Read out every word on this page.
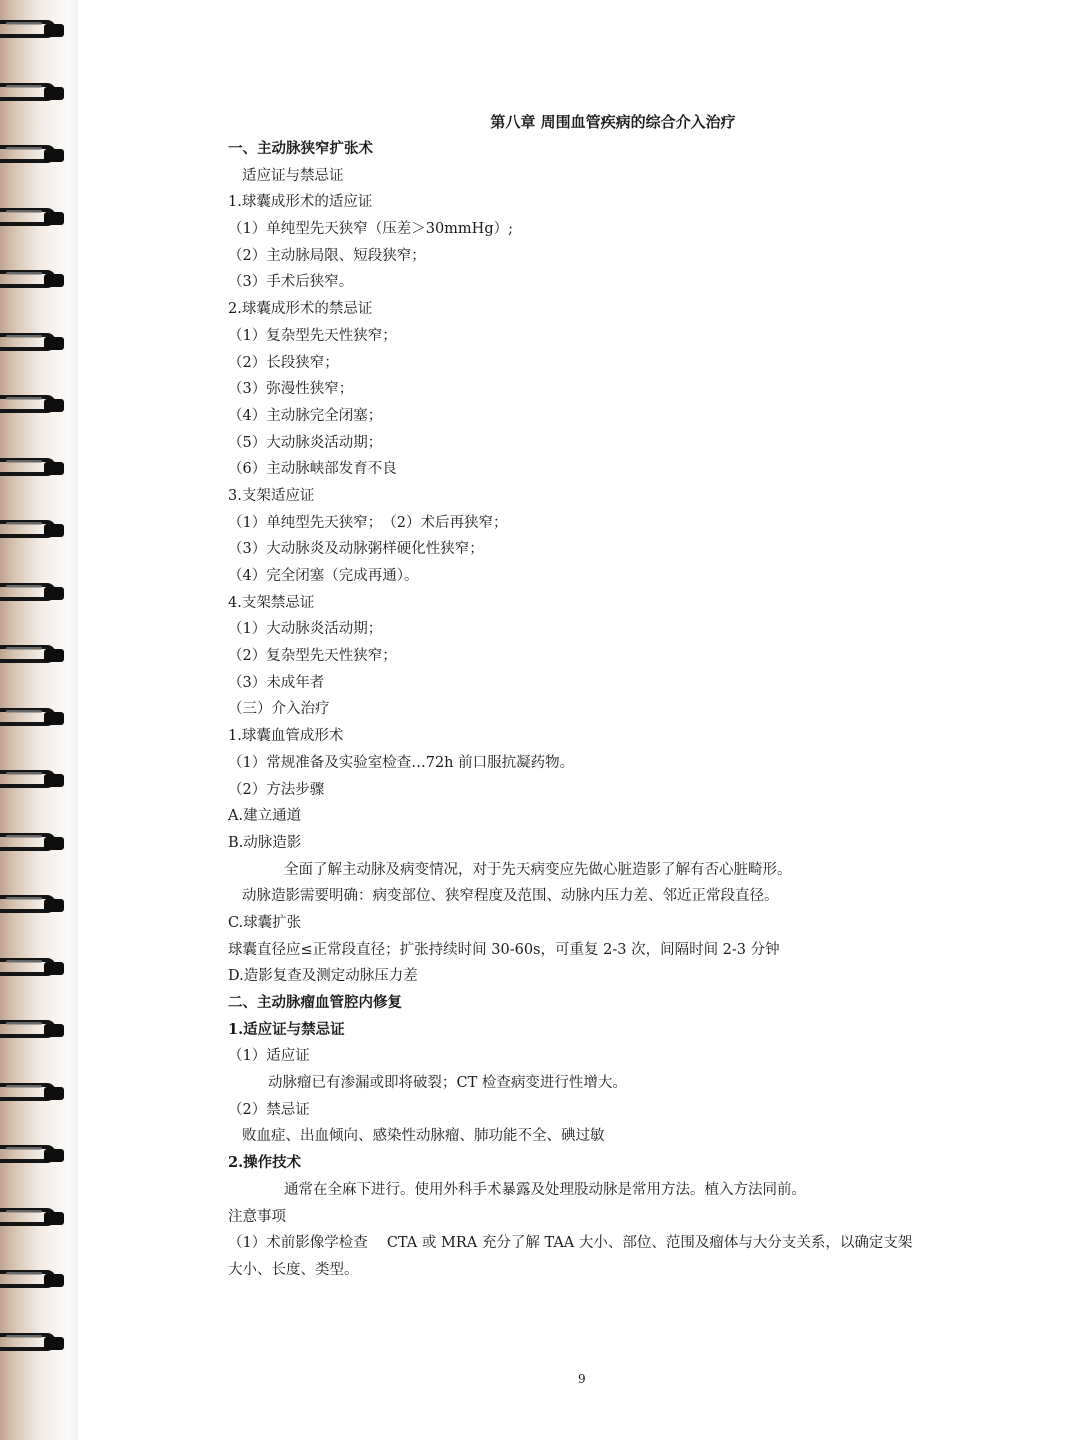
第八章 周围血管疾病的综合介入治疗
一、主动脉狭窄扩张术
适应证与禁忌证
1.球囊成形术的适应证
（1）单纯型先天狭窄（压差＞30mmHg）;
（2）主动脉局限、短段狭窄；
（3）手术后狭窄。
2.球囊成形术的禁忌证
（1）复杂型先天性狭窄；
（2）长段狭窄；
（3）弥漫性狭窄；
（4）主动脉完全闭塞；
（5）大动脉炎活动期；
（6）主动脉峡部发育不良
3.支架适应证
（1）单纯型先天狭窄；　（2）术后再狭窄；
（3）大动脉炎及动脉粥样硬化性狭窄；
（4）完全闭塞（完成再通）。
4.支架禁忌证
（1）大动脉炎活动期；
（2）复杂型先天性狭窄；
（3）未成年者
（三）介入治疗
1.球囊血管成形术
（1）常规准备及实验室检查…72h 前口服抗凝药物。
（2）方法步骤
A.建立通道
B.动脉造影
全面了解主动脉及病变情况，对于先天病变应先做心脏造影了解有否心脏畸形。
动脉造影需要明确：病变部位、狭窄程度及范围、动脉内压力差、邻近正常段直径。
C.球囊扩张
球囊直径应≤正常段直径；扩张持续时间 30-60s，可重复 2-3 次，间隔时间 2-3 分钟
D.造影复查及测定动脉压力差
二、主动脉瘤血管腔内修复
1.适应证与禁忌证
（1）适应证
动脉瘤已有渗漏或即将破裂；CT 检查病变进行性增大。
（2）禁忌证
败血症、出血倾向、感染性动脉瘤、肺功能不全、碘过敏
2.操作技术
通常在全麻下进行。使用外科手术暴露及处理股动脉是常用方法。植入方法同前。
注意事项
（1）术前影像学检查　 CTA 或 MRA 充分了解 TAA 大小、部位、范围及瘤体与大分支关系，以确定支架
大小、长度、类型。
9
